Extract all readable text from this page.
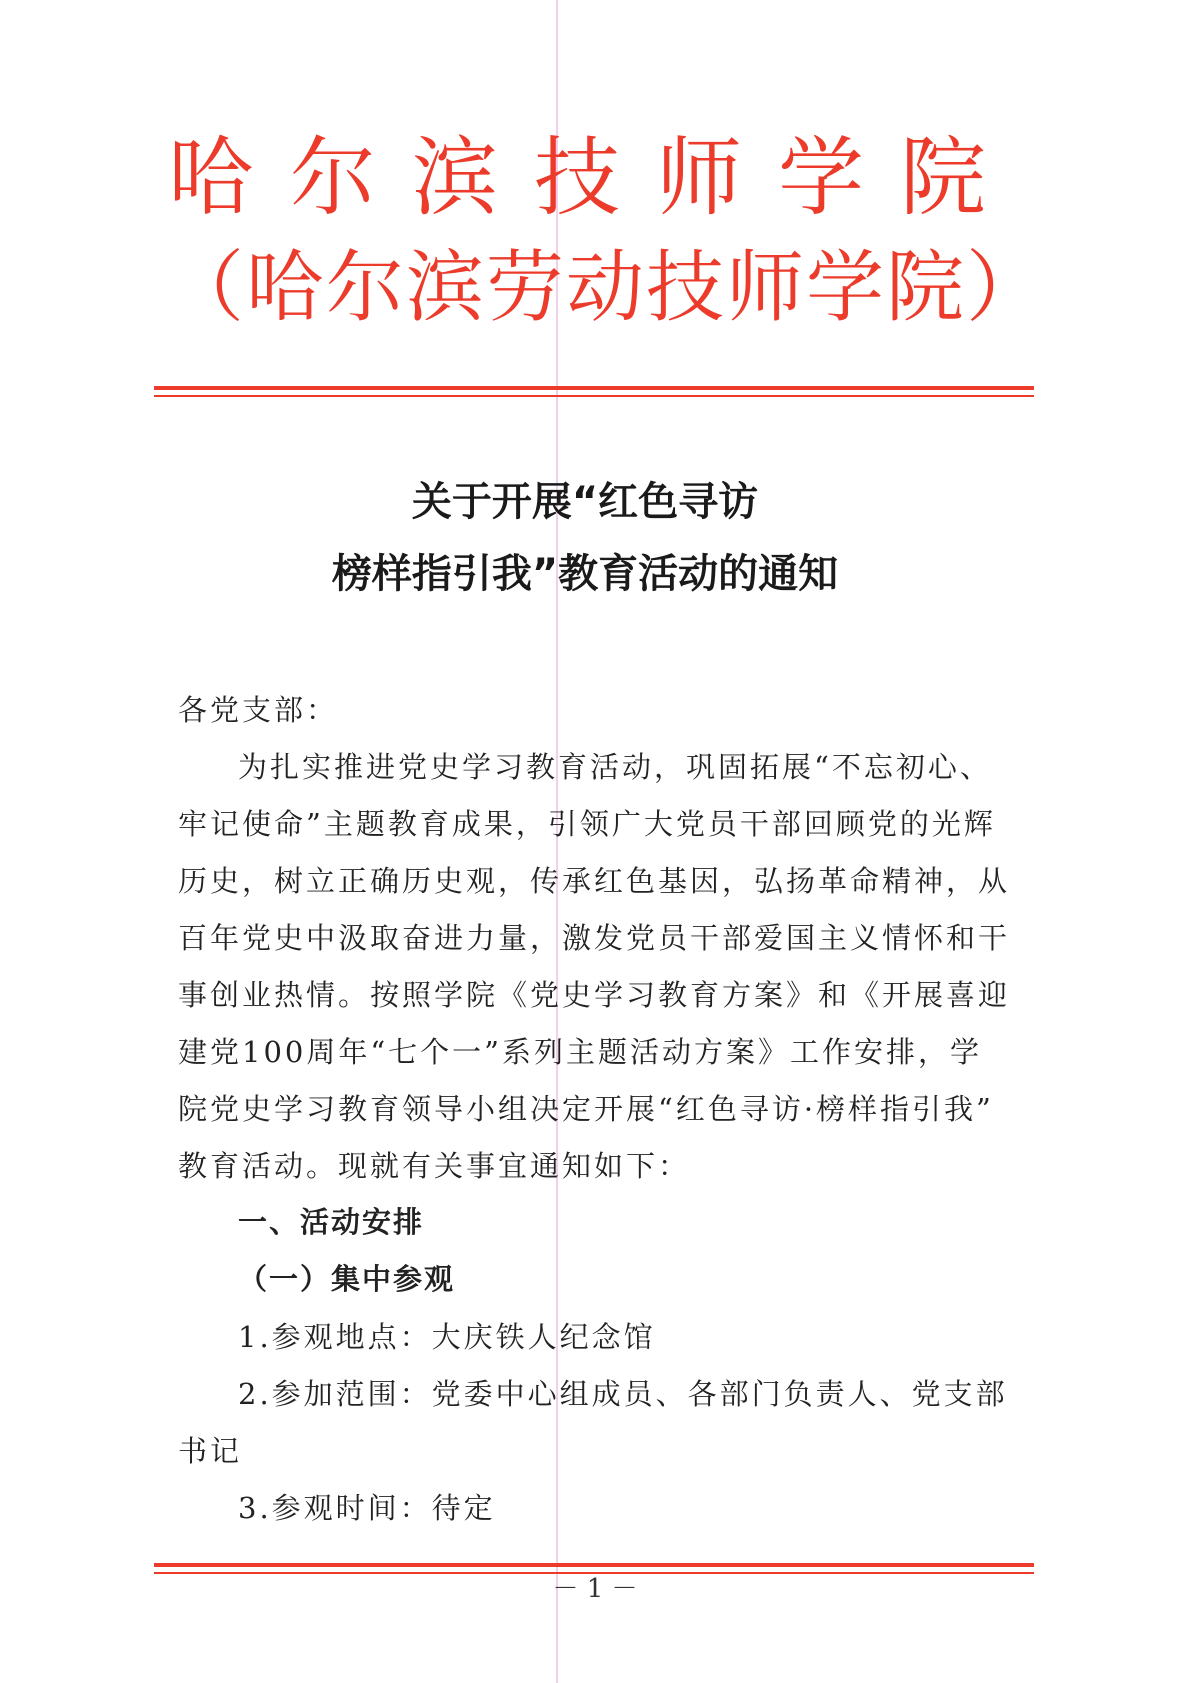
哈尔滨技师学院
（哈尔滨劳动技师学院）
关于开展“红色寻访
榜样指引我”教育活动的通知
各党支部：
为扎实推进党史学习教育活动，巩固拓展“不忘初心、
牢记使命”主题教育成果，引领广大党员干部回顾党的光辉
历史，树立正确历史观，传承红色基因，弘扬革命精神，从
百年党史中汲取奋进力量，激发党员干部爱国主义情怀和干
事创业热情。按照学院《党史学习教育方案》和《开展喜迎
建党100周年“七个一”系列主题活动方案》工作安排，学
院党史学习教育领导小组决定开展“红色寻访·榜样指引我”
教育活动。现就有关事宜通知如下：
一、活动安排
（一）集中参观
1.参观地点：大庆铁人纪念馆
2.参加范围：党委中心组成员、各部门负责人、党支部
书记
3.参观时间：待定
－ 1 －
